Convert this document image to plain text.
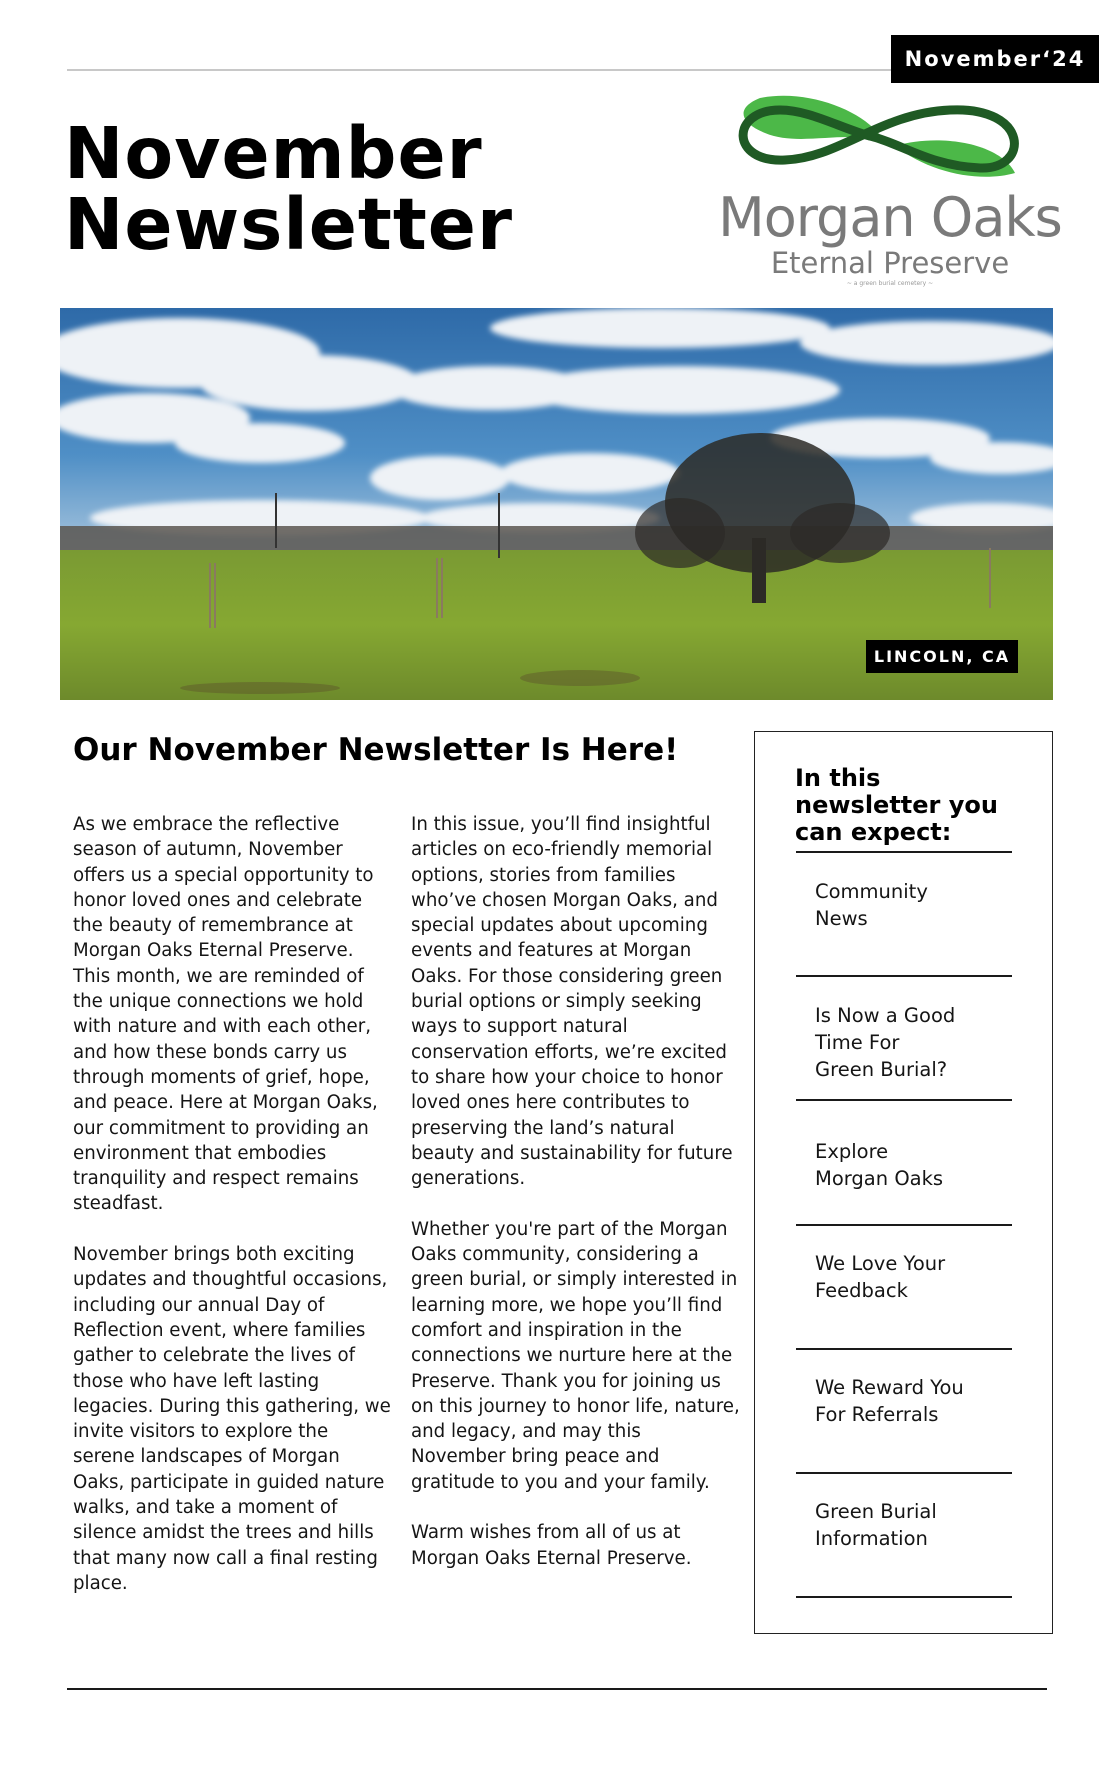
November‘24
November
Newsletter	Morgan Oaks
Eternal Preserve
~ a green burial cemetery ~
LINCOLN, CA
Our November Newsletter Is Here!

As we embrace the reflective season of autumn, November offers us a special opportunity to honor loved ones and celebrate the beauty of remembrance at Morgan Oaks Eternal Preserve. This month, we are reminded of the unique connections we hold with nature and with each other, and how these bonds carry us through moments of grief, hope, and peace. Here at Morgan Oaks, our commitment to providing an environment that embodies tranquility and respect remains steadfast.

November brings both exciting updates and thoughtful occasions, including our annual Day of Reflection event, where families gather to celebrate the lives of those who have left lasting legacies. During this gathering, we invite visitors to explore the serene landscapes of Morgan Oaks, participate in guided nature walks, and take a moment of silence amidst the trees and hills that many now call a final resting place.

In this issue, you’ll find insightful articles on eco-friendly memorial options, stories from families who’ve chosen Morgan Oaks, and special updates about upcoming events and features at Morgan Oaks. For those considering green burial options or simply seeking ways to support natural conservation efforts, we’re excited to share how your choice to honor loved ones here contributes to preserving the land’s natural beauty and sustainability for future generations.

Whether you're part of the Morgan Oaks community, considering a green burial, or simply interested in learning more, we hope you’ll find comfort and inspiration in the connections we nurture here at the Preserve. Thank you for joining us on this journey to honor life, nature, and legacy, and may this November bring peace and gratitude to you and your family.

Warm wishes from all of us at Morgan Oaks Eternal Preserve.

In this newsletter you can expect:
Community
News
Is Now a Good
Time For
Green Burial?
Explore
Morgan Oaks
We Love Your
Feedback
We Reward You
For Referrals
Green Burial
Information
